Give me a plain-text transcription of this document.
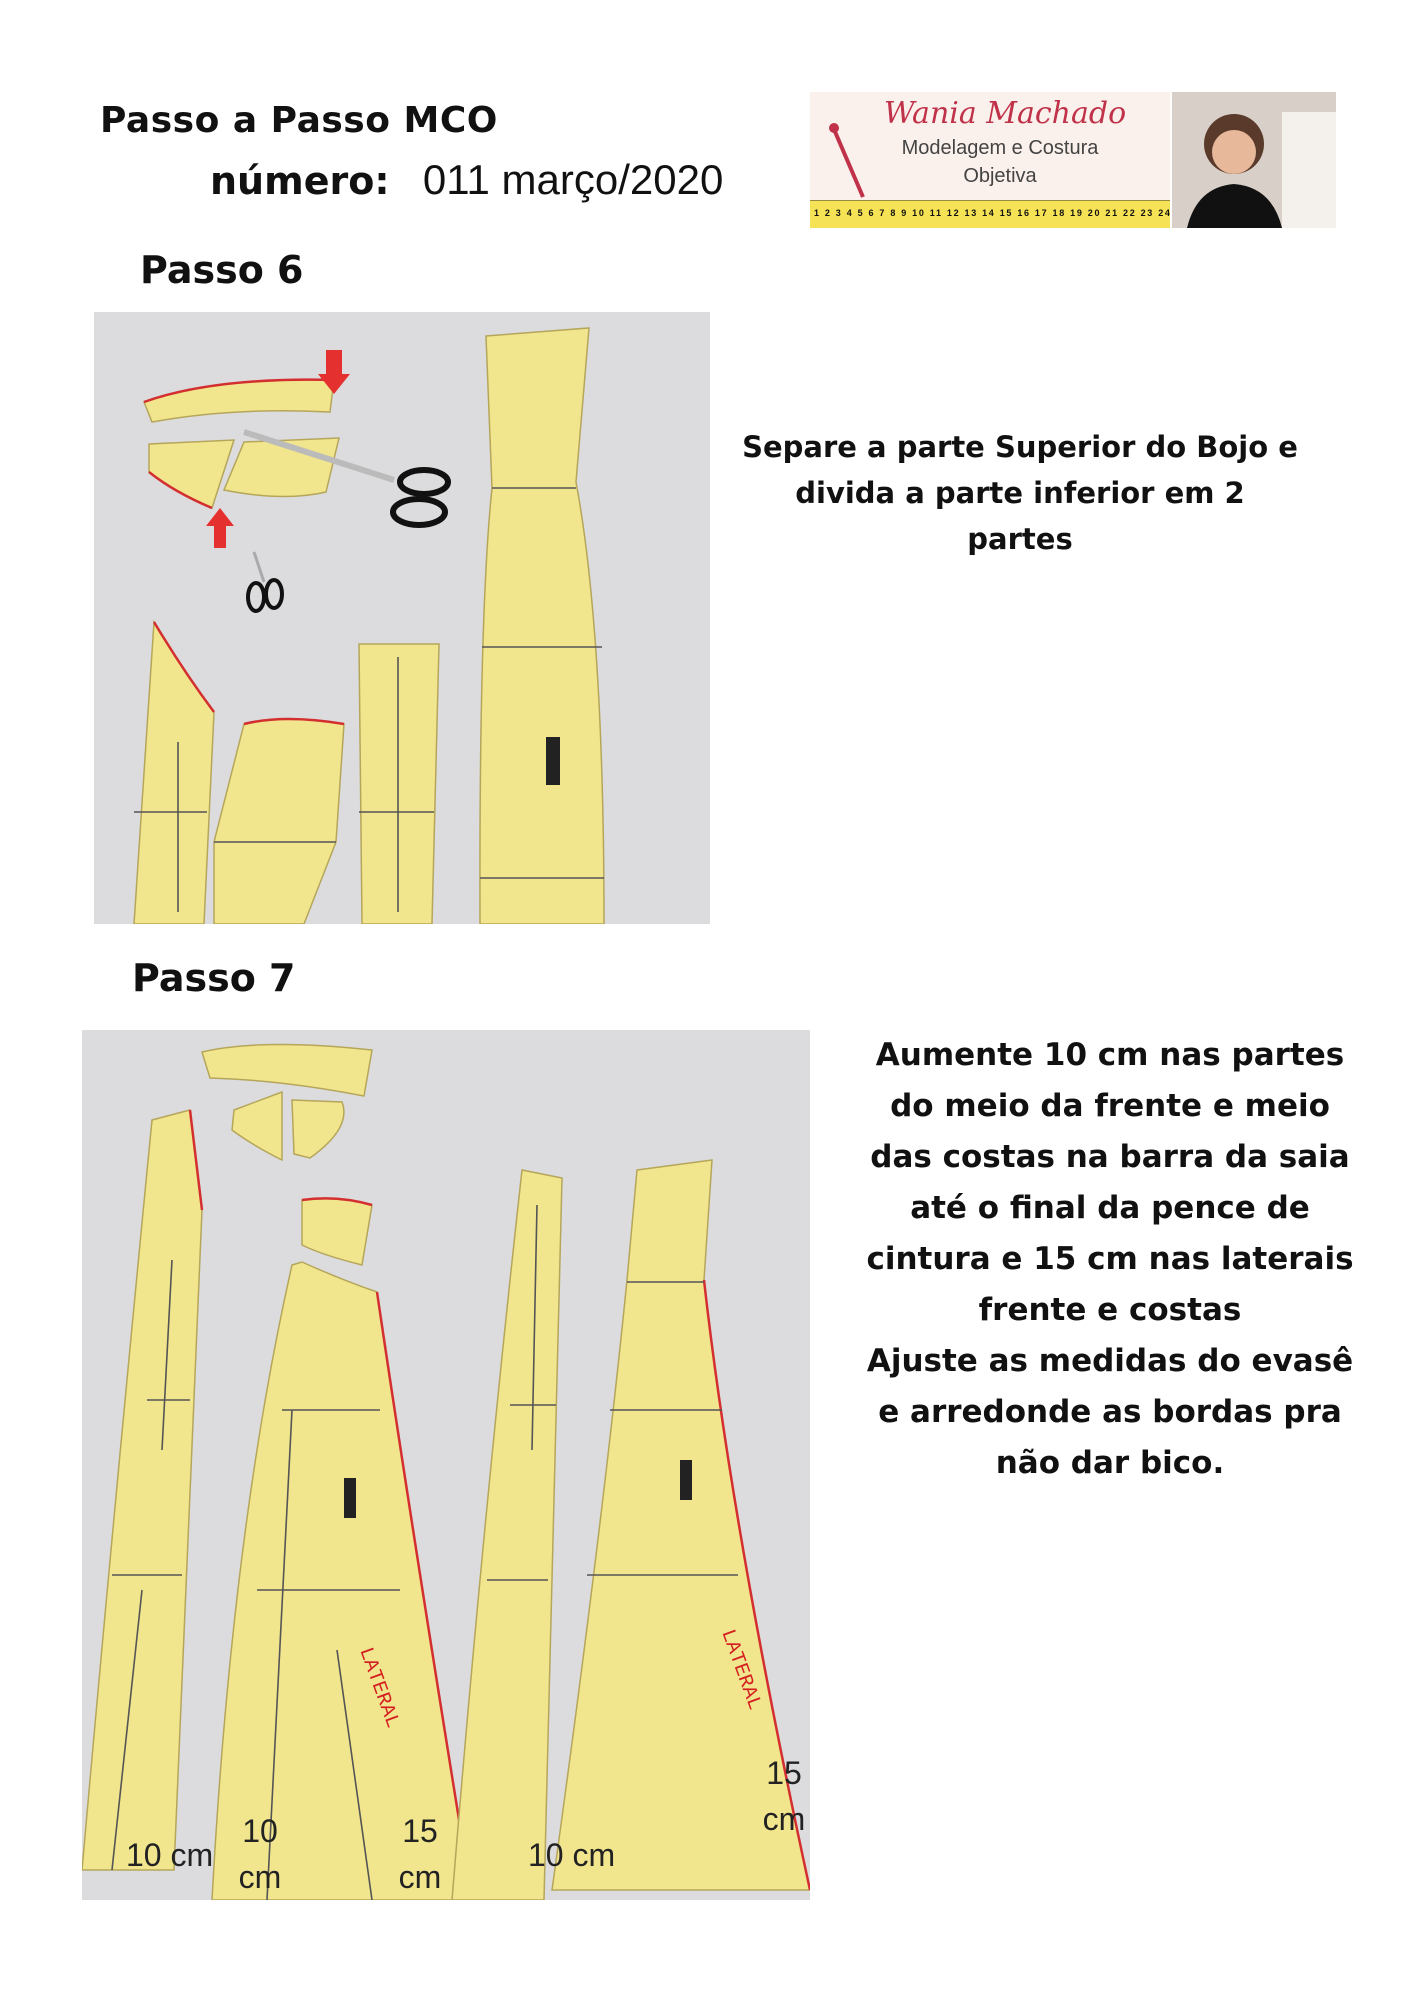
Passo a Passo MCO
número: 011 março/2020
Wania Machado
Modelagem e Costura
Objetiva
1 2 3 4 5 6 7 8 9 10 11 12 13 14 15 16 17 18 19 20 21 22 23 24
Passo 6
Separe a parte Superior do Bojo e
divida a parte inferior em 2 partes
Passo 7
LATERAL	LATERAL
10 cm
10
cm
15
cm
10 cm
15
cm
Aumente 10 cm nas partes
do meio da frente e meio
das costas na barra da saia
até o final da pence de
cintura e 15 cm nas laterais
frente e costas
Ajuste as medidas do evasê
e arredonde as bordas pra
não dar bico.
